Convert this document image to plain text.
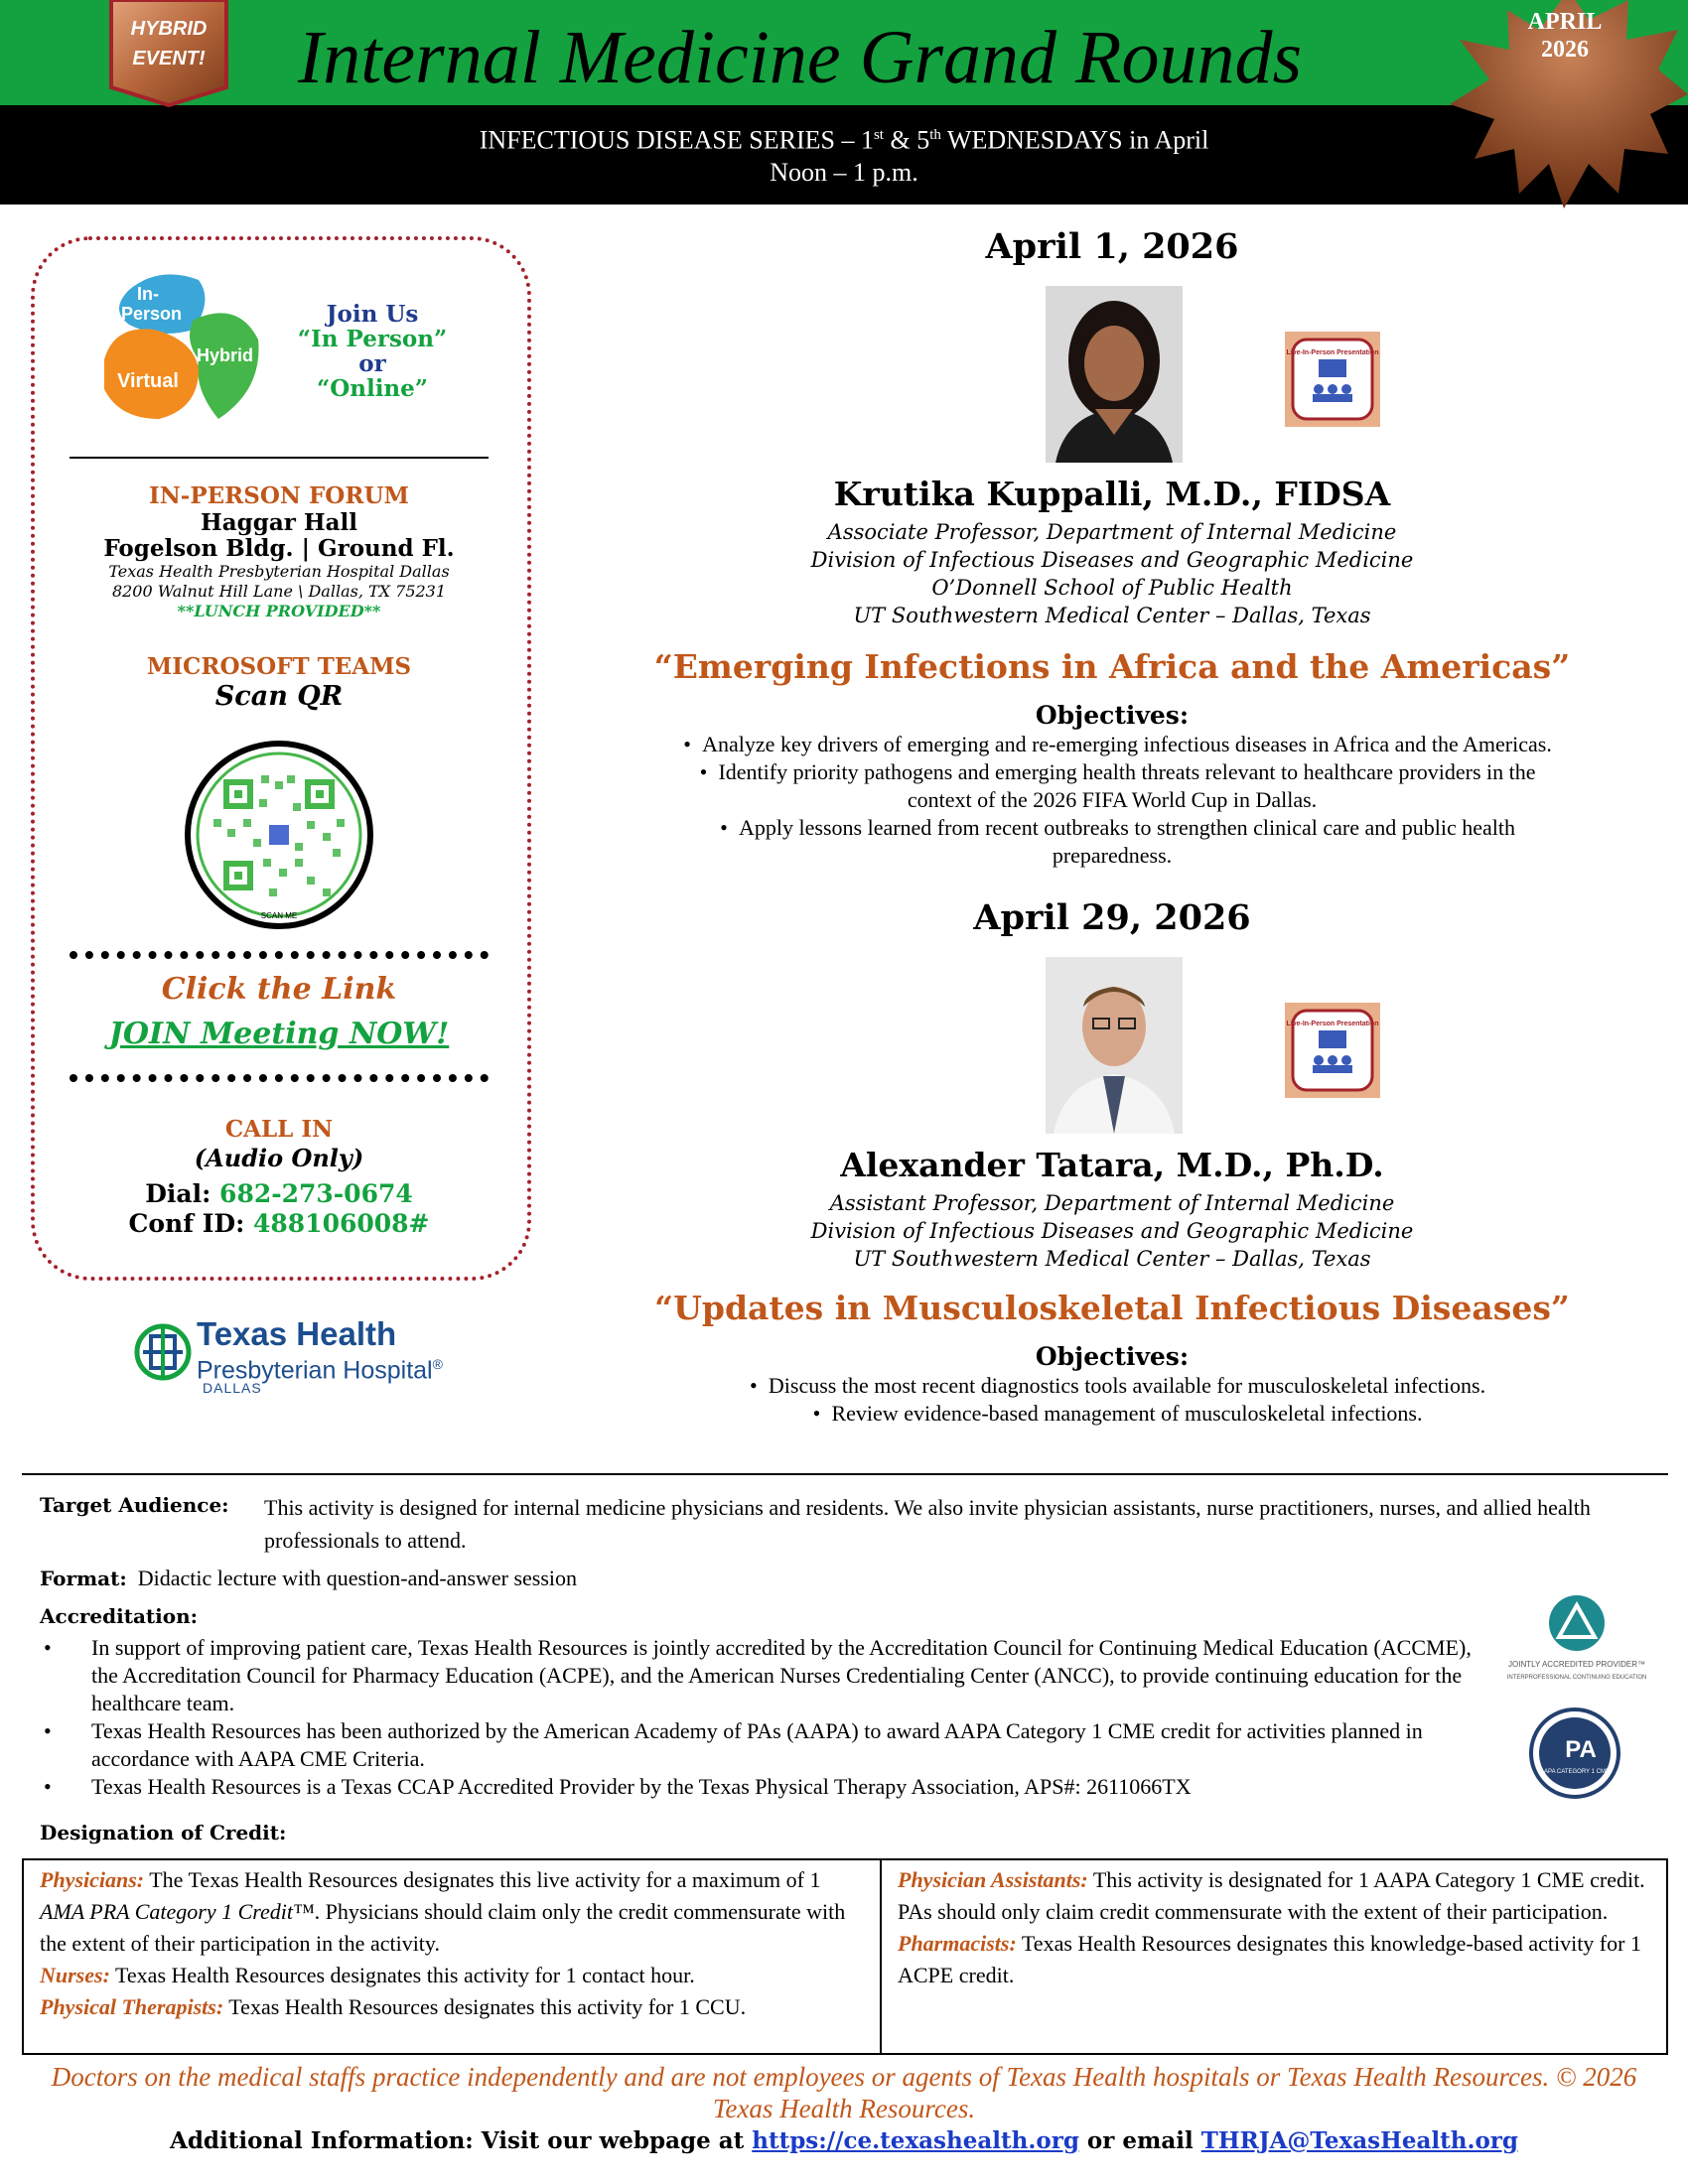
HYBRID
EVENT!	Internal Medicine Grand Rounds	APRIL
2026
INFECTIOUS DISEASE SERIES – 1st & 5th WEDNESDAYS in April
Noon – 1 p.m.
In-
Person
Hybrid
Virtual
Join Us
“In Person”
or
“Online”
IN-PERSON FORUM
Haggar Hall
Fogelson Bldg. | Ground Fl.
Texas Health Presbyterian Hospital Dallas
8200 Walnut Hill Lane \ Dallas, TX 75231
**LUNCH PROVIDED**
MICROSOFT TEAMS
Scan QR
SCAN ME
Click the Link
JOIN Meeting NOW!
CALL IN
(Audio Only)
Dial: 682-273-0674
Conf ID: 488106008#
Texas Health
Presbyterian Hospital®
DALLAS
April 1, 2026
Live-In-Person Presentation
Krutika Kuppalli, M.D., FIDSA
Associate Professor, Department of Internal Medicine
Division of Infectious Diseases and Geographic Medicine
O’Donnell School of Public Health
UT Southwestern Medical Center – Dallas, Texas
“Emerging Infections in Africa and the Americas”
Objectives:
• Analyze key drivers of emerging and re-emerging infectious diseases in Africa and the Americas.
• Identify priority pathogens and emerging health threats relevant to healthcare providers in the
context of the 2026 FIFA World Cup in Dallas.
• Apply lessons learned from recent outbreaks to strengthen clinical care and public health
preparedness.
April 29, 2026
Live-In-Person Presentation
Alexander Tatara, M.D., Ph.D.
Assistant Professor, Department of Internal Medicine
Division of Infectious Diseases and Geographic Medicine
UT Southwestern Medical Center – Dallas, Texas
“Updates in Musculoskeletal Infectious Diseases”
Objectives:
• Discuss the most recent diagnostics tools available for musculoskeletal infections.
• Review evidence-based management of musculoskeletal infections.
Target Audience:	This activity is designed for internal medicine physicians and residents. We also invite physician assistants, nurse practitioners, nurses, and allied health professionals to attend.
Format: Didactic lecture with question-and-answer session
Accreditation:
• In support of improving patient care, Texas Health Resources is jointly accredited by the Accreditation Council for Continuing Medical Education (ACCME), the Accreditation Council for Pharmacy Education (ACPE), and the American Nurses Credentialing Center (ANCC), to provide continuing education for the healthcare team.
• Texas Health Resources has been authorized by the American Academy of PAs (AAPA) to award AAPA Category 1 CME credit for activities planned in accordance with AAPA CME Criteria.
• Texas Health Resources is a Texas CCAP Accredited Provider by the Texas Physical Therapy Association, APS#: 2611066TX
JOINTLY ACCREDITED PROVIDER™
INTERPROFESSIONAL CONTINUING EDUCATION
PA
AAPA CATEGORY 1 CME
Designation of Credit:
Physicians: The Texas Health Resources designates this live activity for a maximum of 1 AMA PRA Category 1 Credit™. Physicians should claim only the credit commensurate with the extent of their participation in the activity.
Nurses: Texas Health Resources designates this activity for 1 contact hour.
Physical Therapists: Texas Health Resources designates this activity for 1 CCU.
Physician Assistants: This activity is designated for 1 AAPA Category 1 CME credit. PAs should only claim credit commensurate with the extent of their participation.
Pharmacists: Texas Health Resources designates this knowledge-based activity for 1 ACPE credit.
Doctors on the medical staffs practice independently and are not employees or agents of Texas Health hospitals or Texas Health Resources. © 2026 Texas Health Resources.
Additional Information: Visit our webpage at https://ce.texashealth.org or email THRJA@TexasHealth.org
